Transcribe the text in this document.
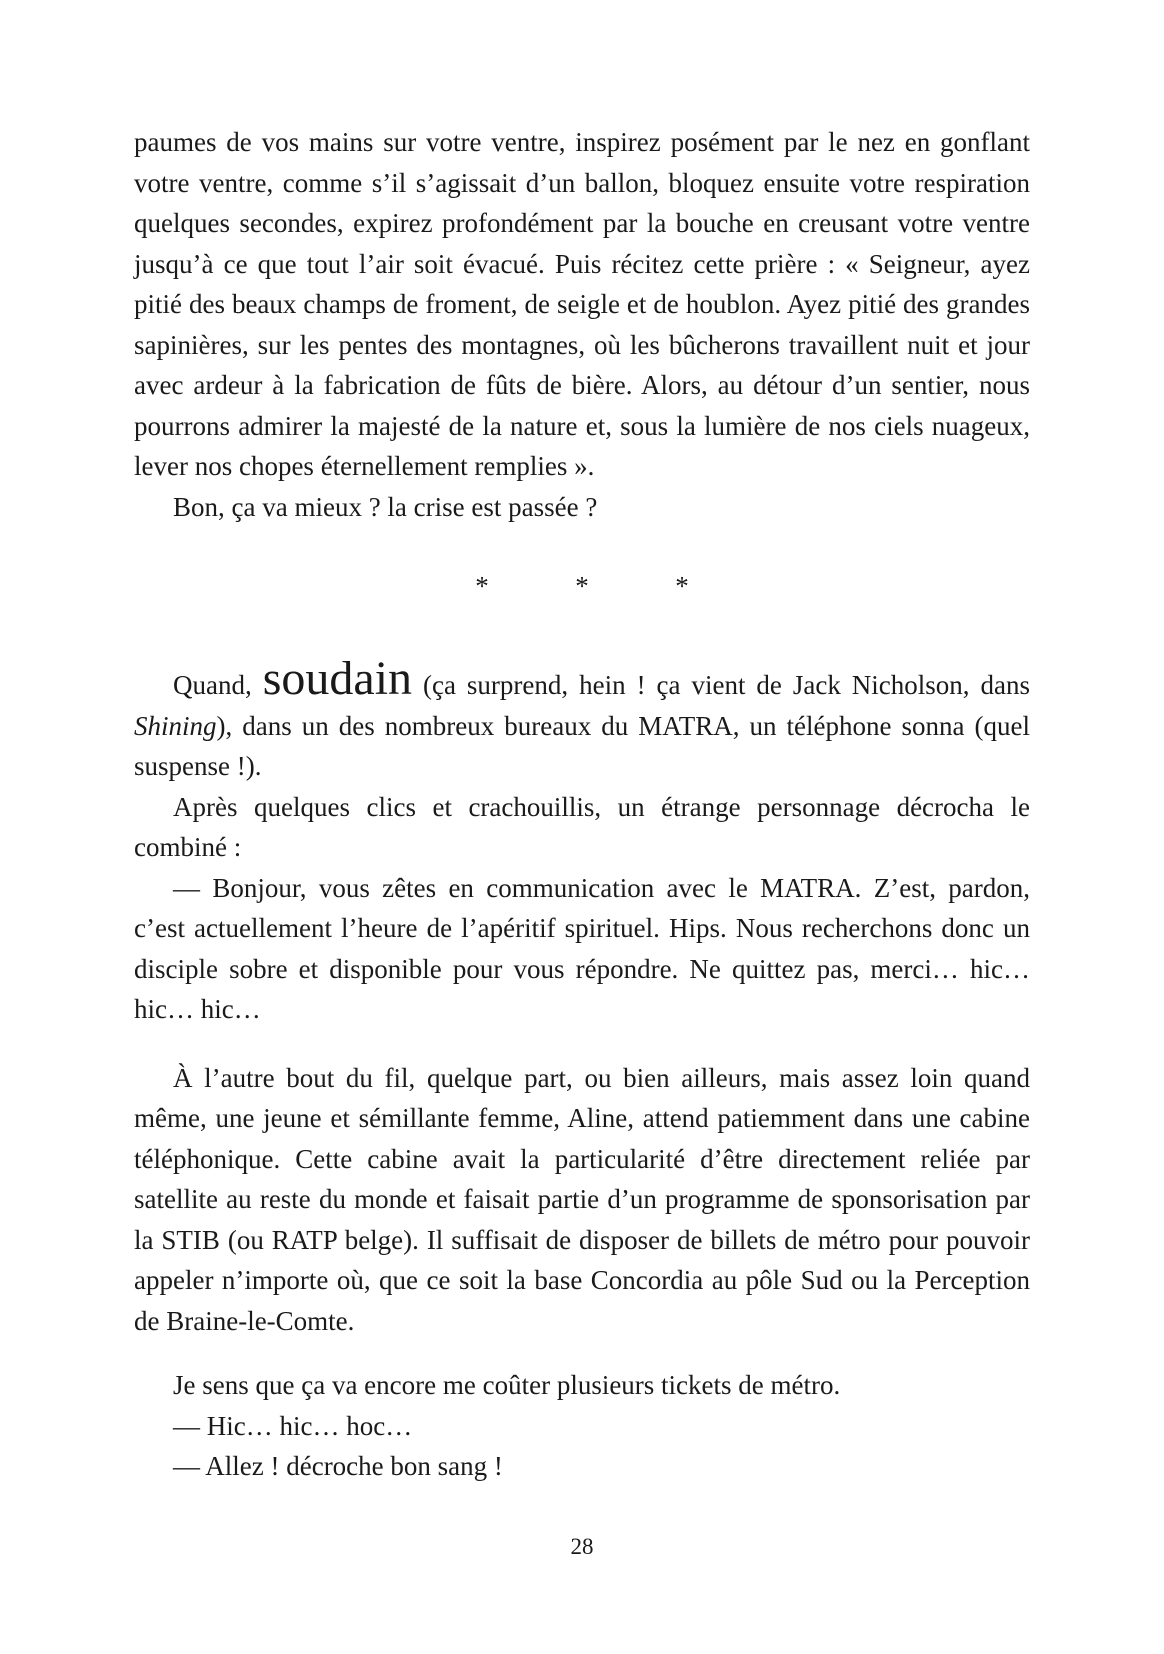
paumes de vos mains sur votre ventre, inspirez posément par le nez en gonflant votre ventre, comme s’il s’agissait d’un ballon, bloquez ensuite votre respiration quelques secondes, expirez profondément par la bouche en creusant votre ventre jusqu’à ce que tout l’air soit évacué. Puis récitez cette prière : « Seigneur, ayez pitié des beaux champs de froment, de seigle et de houblon. Ayez pitié des grandes sapinières, sur les pentes des montagnes, où les bûcherons travaillent nuit et jour avec ardeur à la fabrication de fûts de bière. Alors, au détour d’un sentier, nous pourrons admirer la majesté de la nature et, sous la lumière de nos ciels nuageux, lever nos chopes éternellement remplies ».

Bon, ça va mieux ? la crise est passée ?

*	*	*

Quand, soudain (ça surprend, hein ! ça vient de Jack Nicholson, dans Shining), dans un des nombreux bureaux du MATRA, un téléphone sonna (quel suspense !).

Après quelques clics et crachouillis, un étrange personnage décrocha le combiné :

— Bonjour, vous zêtes en communication avec le MATRA. Z’est, pardon, c’est actuellement l’heure de l’apéritif spirituel. Hips. Nous recherchons donc un disciple sobre et disponible pour vous répondre. Ne quittez pas, merci… hic… hic… hic…

À l’autre bout du fil, quelque part, ou bien ailleurs, mais assez loin quand même, une jeune et sémillante femme, Aline, attend patiemment dans une cabine téléphonique. Cette cabine avait la particularité d’être directement reliée par satellite au reste du monde et faisait partie d’un programme de sponsorisation par la STIB (ou RATP belge). Il suffisait de disposer de billets de métro pour pouvoir appeler n’importe où, que ce soit la base Concordia au pôle Sud ou la Perception de Braine-le-Comte.

Je sens que ça va encore me coûter plusieurs tickets de métro.

— Hic… hic… hoc…

— Allez ! décroche bon sang !

28
